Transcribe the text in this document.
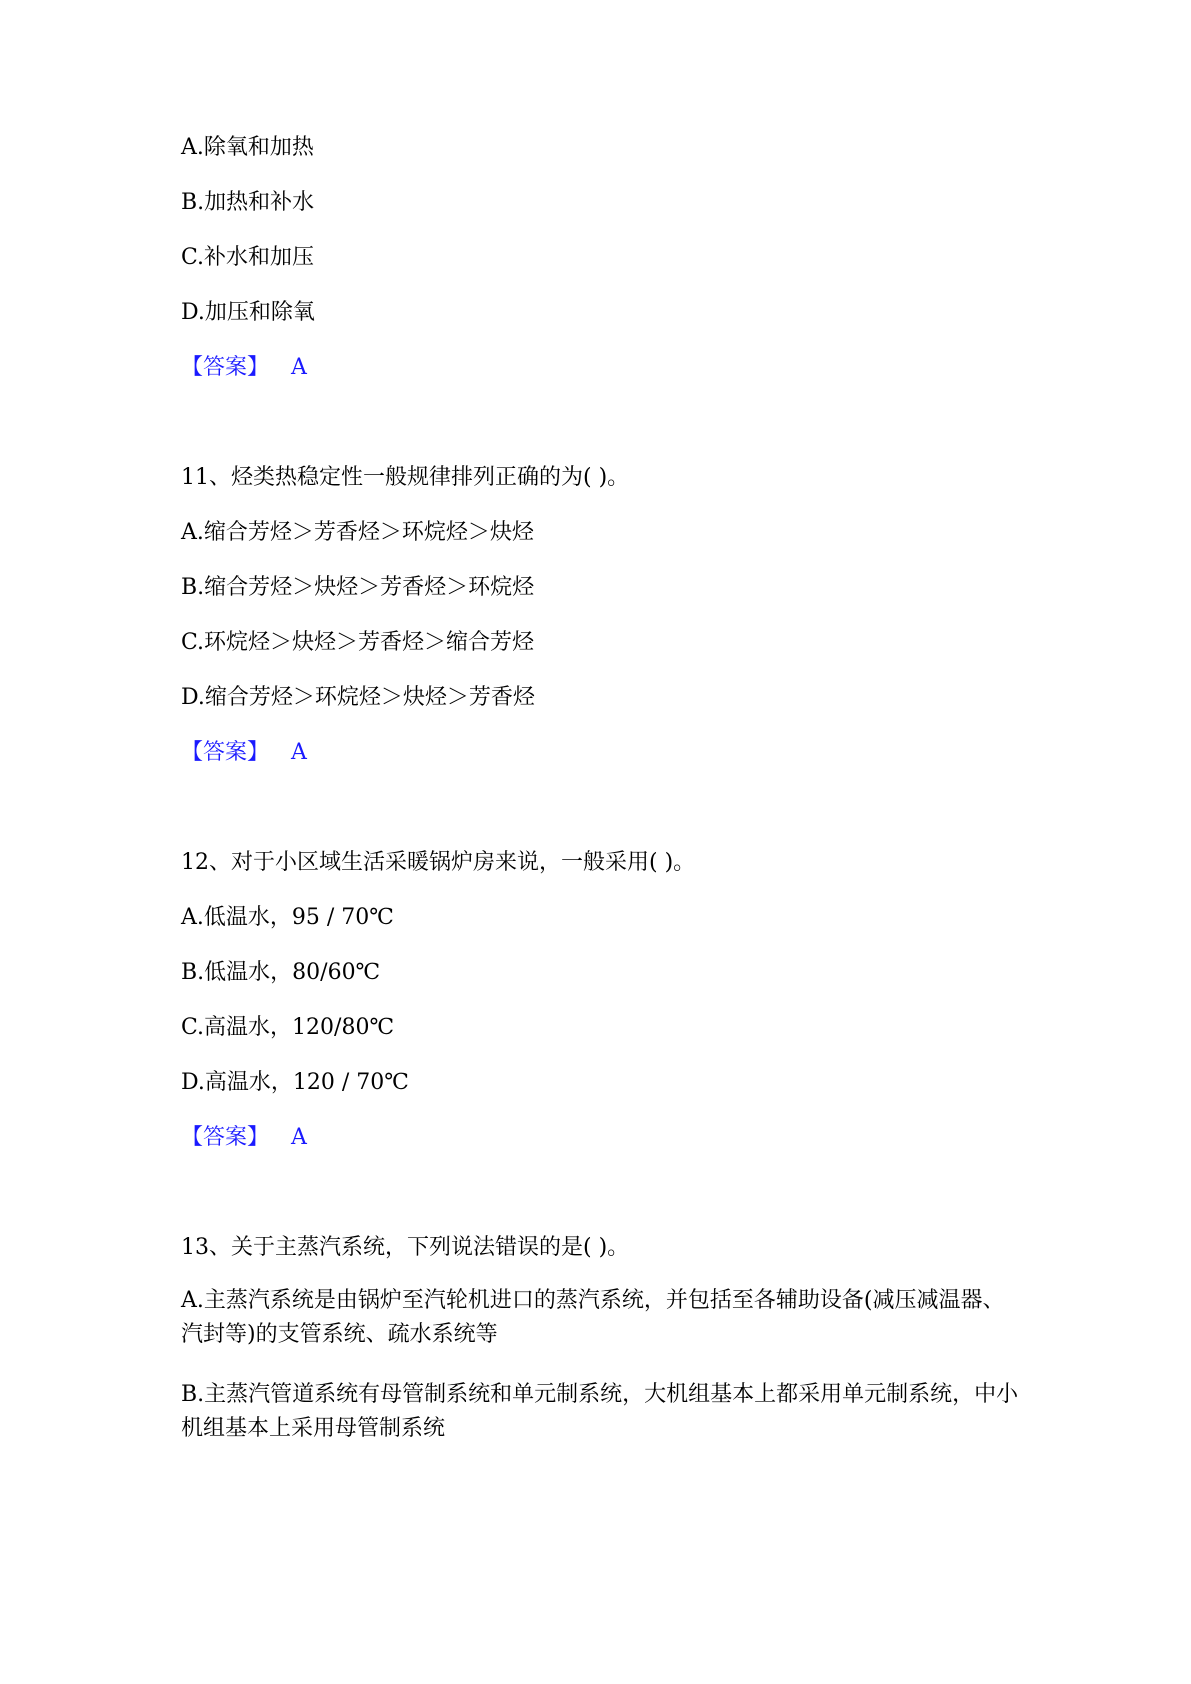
A.除氧和加热
B.加热和补水
C.补水和加压
D.加压和除氧
【答案】 A
11、烃类热稳定性一般规律排列正确的为( )。
A.缩合芳烃＞芳香烃＞环烷烃＞炔烃
B.缩合芳烃＞炔烃＞芳香烃＞环烷烃
C.环烷烃＞炔烃＞芳香烃＞缩合芳烃
D.缩合芳烃＞环烷烃＞炔烃＞芳香烃
【答案】 A
12、对于小区域生活采暖锅炉房来说，一般采用( )。
A.低温水，95 / 70℃
B.低温水，80/60℃
C.高温水，120/80℃
D.高温水，120 / 70℃
【答案】 A
13、关于主蒸汽系统，下列说法错误的是( )。
A.主蒸汽系统是由锅炉至汽轮机进口的蒸汽系统，并包括至各辅助设备(减压减温器、汽封等)的支管系统、疏水系统等
B.主蒸汽管道系统有母管制系统和单元制系统，大机组基本上都采用单元制系统，中小机组基本上采用母管制系统
